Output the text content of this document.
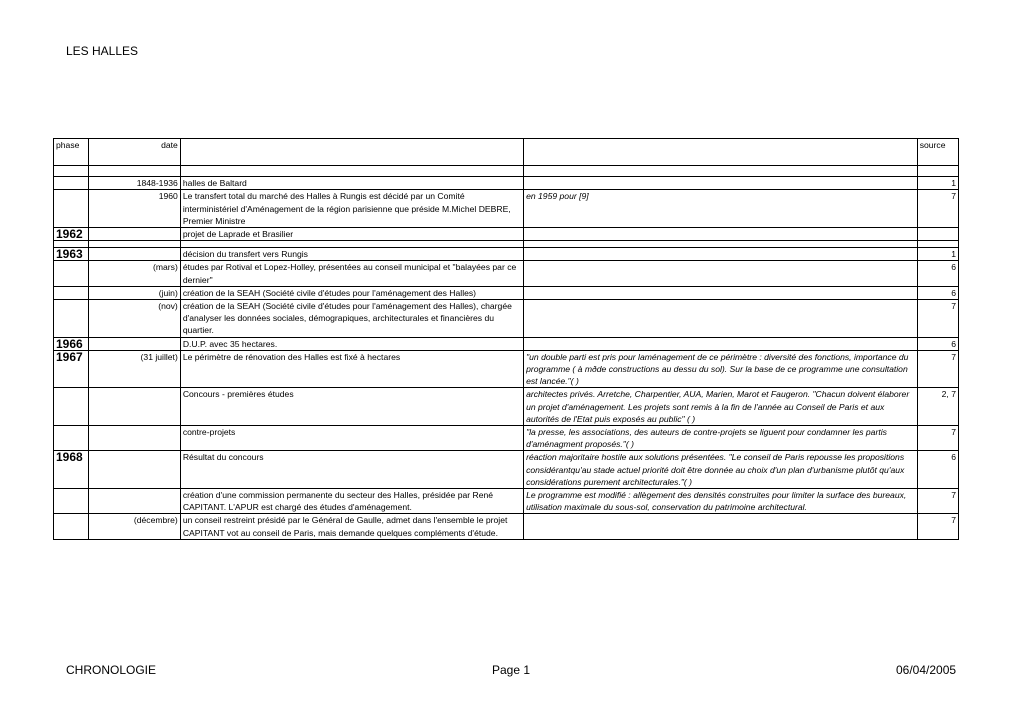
LES HALLES
phase	date			source

	1848-1936	halles de Baltard		1
	1960	Le transfert total du marché des Halles à Rungis est décidé par un Comité interministériel d'Aménagement de la région parisienne que préside M.Michel DEBRE, Premier Ministre	en 1959 pour [9]	7
1962		projet de Laprade et Brasilier		

1963		décision du transfert vers Rungis		1
	(mars)	études par Rotival et Lopez-Holley, présentées au conseil municipal et "balayées par ce dernier"		6
	(juin)	création de la SEAH (Société civile d'études pour l'aménagement des Halles)		6
	(nov)	création de la SEAH (Société civile d'études pour l'aménagement des Halles), chargée d'analyser les données sociales, démograpiques, architecturales et financières du quartier.		7
1966		D.U.P. avec 35 hectares.		6
1967	(31 juillet)	Le périmètre de rénovation des Halles est fixé à hectares	"un double parti est pris pour laménagement de ce périmètre : diversité des fonctions, importance du programme ( à mðde constructions au dessu du sol). Sur la base de ce programme une consultation est lancée."( )	7
		Concours - premières études	architectes privés. Arretche, Charpentier, AUA, Marien, Marot et Faugeron. "Chacun doivent élaborer un projet d'aménagement. Les projets sont remis à la fin de l'année au Conseil de Paris et aux autorités de l'Etat puis exposés au public" ( )	2, 7
		contre-projets	"la presse, les associations, des auteurs de contre-projets se liguent pour condamner les partis d'aménagment proposés."( )	7
1968		Résultat du concours	réaction majoritaire hostile aux solutions présentées. "Le conseil de Paris repousse les propositions considérantqu'au stade actuel priorité doit être donnée au choix d'un plan d'urbanisme plutôt qu'aux considérations purement architecturales."( )	6
		création d'une commission permanente du secteur des Halles, présidée par René CAPITANT. L'APUR est chargé des études d'aménagement.	Le programme est modifié : allègement des densités construites pour limiter la surface des bureaux, utilisation maximale du sous-sol, conservation du patrimoine architectural.	7
	(décembre)	un conseil restreint présidé par le Général de Gaulle, admet dans l'ensemble le projet CAPITANT vot au conseil de Paris, mais demande quelques compléments d'étude.		7
CHRONOLOGIE	Page 1	06/04/2005
